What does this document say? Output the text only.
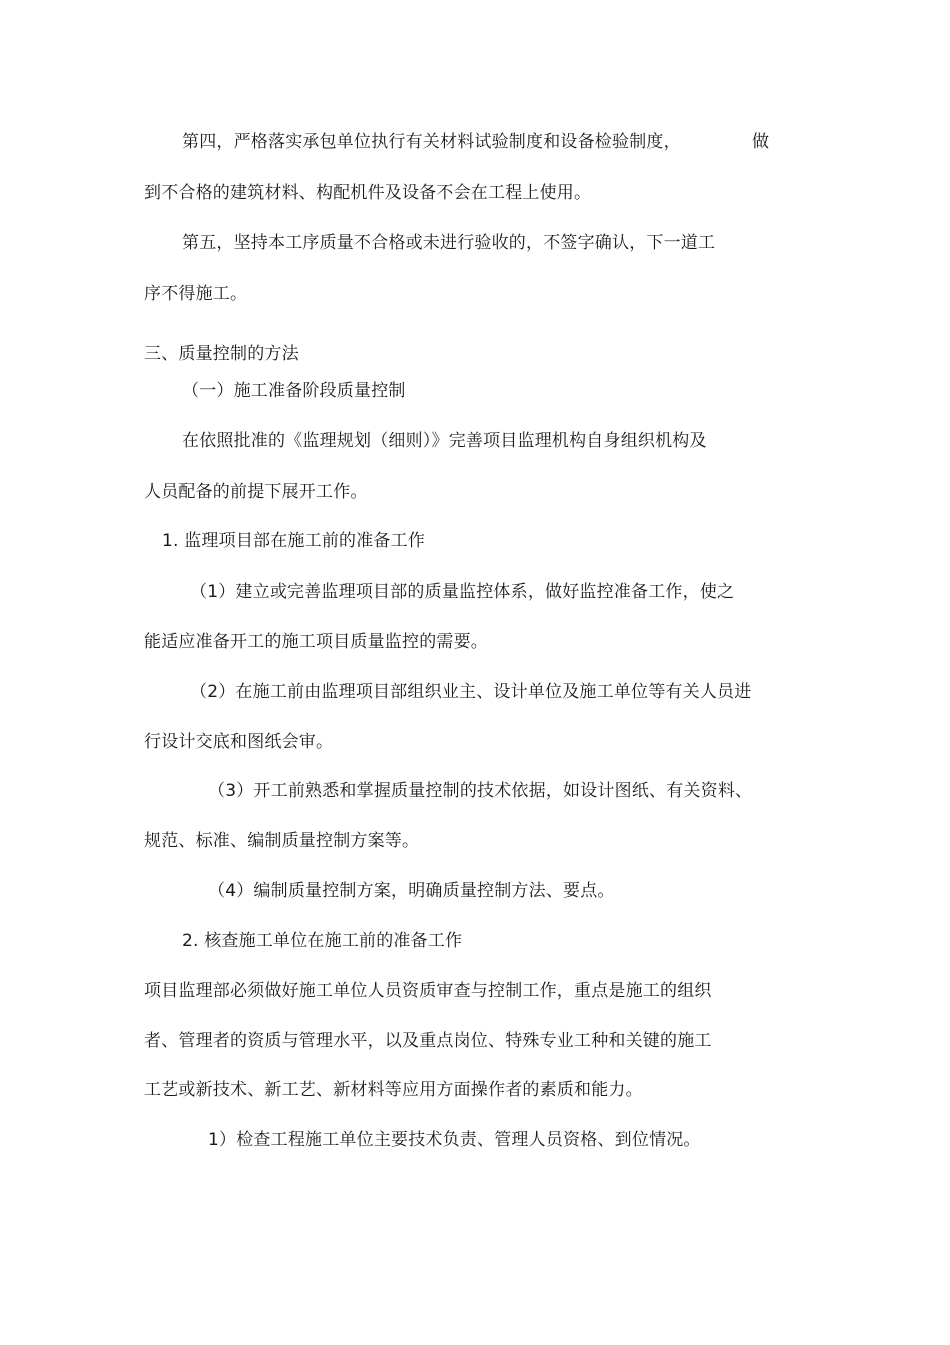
第四，严格落实承包单位执行有关材料试验制度和设备检验制度，	做
到不合格的建筑材料、构配机件及设备不会在工程上使用。
第五，坚持本工序质量不合格或未进行验收的，不签字确认，下一道工
序不得施工。
三、质量控制的方法
（一）施工准备阶段质量控制
在依照批准的《监理规划（细则）》完善项目监理机构自身组织机构及
人员配备的前提下展开工作。
1. 监理项目部在施工前的准备工作
（1）建立或完善监理项目部的质量监控体系，做好监控准备工作，使之
能适应准备开工的施工项目质量监控的需要。
（2）在施工前由监理项目部组织业主、设计单位及施工单位等有关人员进
行设计交底和图纸会审。
（3）开工前熟悉和掌握质量控制的技术依据，如设计图纸、有关资料、
规范、标准、编制质量控制方案等。
（4）编制质量控制方案，明确质量控制方法、要点。
2. 核查施工单位在施工前的准备工作
项目监理部必须做好施工单位人员资质审查与控制工作，重点是施工的组织
者、管理者的资质与管理水平，以及重点岗位、特殊专业工种和关键的施工
工艺或新技术、新工艺、新材料等应用方面操作者的素质和能力。
1）检查工程施工单位主要技术负责、管理人员资格、到位情况。
